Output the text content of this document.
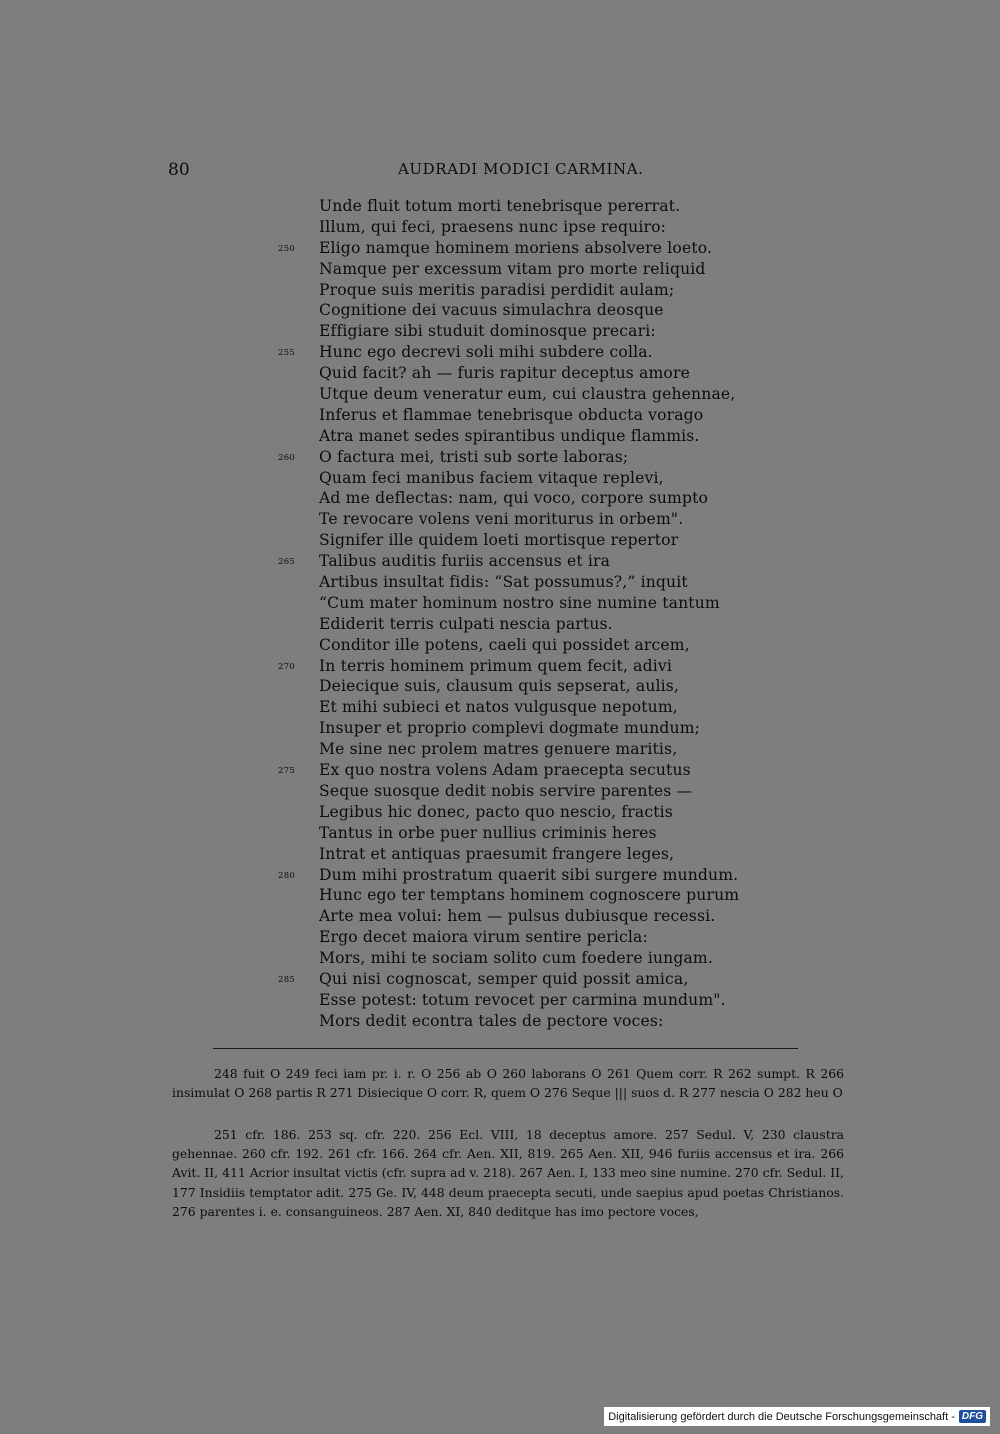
80	AUDRADI MODICI CARMINA.
Unde fluit totum morti tenebrisque pererrat.
Illum, qui feci, praesens nunc ipse requiro:
250 Eligo namque hominem moriens absolvere loeto.
Namque per excessum vitam pro morte reliquid
Proque suis meritis paradisi perdidit aulam;
Cognitione dei vacuus simulachra deosque
Effigiare sibi studuit dominosque precari:
255 Hunc ego decrevi soli mihi subdere colla.
Quid facit? ah — furis rapitur deceptus amore
Utque deum veneratur eum, cui claustra gehennae,
Inferus et flammae tenebrisque obducta vorago
Atra manet sedes spirantibus undique flammis.
260 O factura mei, tristi sub sorte laboras;
Quam feci manibus faciem vitaque replevi,
Ad me deflectas: nam, qui voco, corpore sumpto
Te revocare volens veni moriturus in orbem".
Signifer ille quidem loeti mortisque repertor
265 Talibus auditis furiis accensus et ira
Artibus insultat fidis: “Sat possumus?,” inquit
“Cum mater hominum nostro sine numine tantum
Ediderit terris culpati nescia partus.
Conditor ille potens, caeli qui possidet arcem,
270 In terris hominem primum quem fecit, adivi
Deiecique suis, clausum quis sepserat, aulis,
Et mihi subieci et natos vulgusque nepotum,
Insuper et proprio complevi dogmate mundum;
Me sine nec prolem matres genuere maritis,
275 Ex quo nostra volens Adam praecepta secutus
Seque suosque dedit nobis servire parentes —
Legibus hic donec, pacto quo nescio, fractis
Tantus in orbe puer nullius criminis heres
Intrat et antiquas praesumit frangere leges,
280 Dum mihi prostratum quaerit sibi surgere mundum.
Hunc ego ter temptans hominem cognoscere purum
Arte mea volui: hem — pulsus dubiusque recessi.
Ergo decet maiora virum sentire pericla:
Mors, mihi te sociam solito cum foedere iungam.
285 Qui nisi cognoscat, semper quid possit amica,
Esse potest: totum revocet per carmina mundum".
Mors dedit econtra tales de pectore voces:

248 fuit O 249 feci iam pr. i. r. O 256 ab O 260 laborans O 261 Quem corr. R 262 sumpt. R 266 insimulat O 268 partis R 271 Disiecique O corr. R, quem O 276 Seque ||| suos d. R 277 nescia O 282 heu O

251 cfr. 186. 253 sq. cfr. 220. 256 Ecl. VIII, 18 deceptus amore. 257 Sedul. V, 230 claustra gehennae. 260 cfr. 192. 261 cfr. 166. 264 cfr. Aen. XII, 819. 265 Aen. XII, 946 furiis accensus et ira. 266 Avit. II, 411 Acrior insultat victis (cfr. supra ad v. 218). 267 Aen. I, 133 meo sine numine. 270 cfr. Sedul. II, 177 Insidiis temptator adit. 275 Ge. IV, 448 deum praecepta secuti, unde saepius apud poetas Christianos. 276 parentes i. e. consanguineos. 287 Aen. XI, 840 deditque has imo pectore voces,

Digitalisierung gefördert durch die Deutsche Forschungsgemeinschaft - DFG
